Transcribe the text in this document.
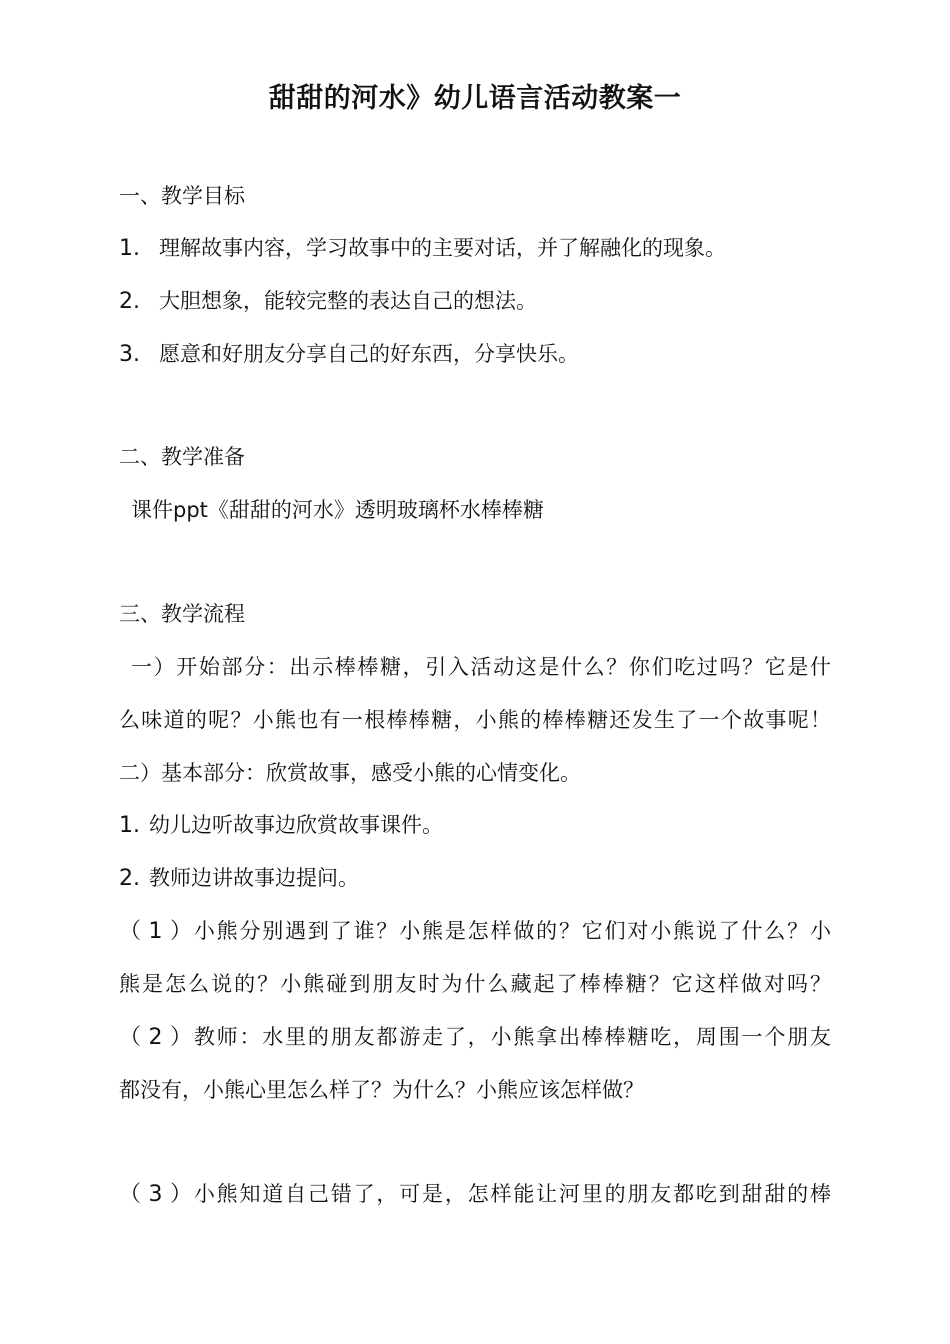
甜甜的河水》幼儿语言活动教案一
一、教学目标
1. 理解故事内容，学习故事中的主要对话，并了解融化的现象。
2. 大胆想象，能较完整的表达自己的想法。
3. 愿意和好朋友分享自己的好东西，分享快乐。
二、教学准备
课件ppt《甜甜的河水》透明玻璃杯水棒棒糖
三、教学流程
一）开始部分：出示棒棒糖，引入活动这是什么？你们吃过吗？它是什
么味道的呢？小熊也有一根棒棒糖，小熊的棒棒糖还发生了一个故事呢！
二）基本部分：欣赏故事，感受小熊的心情变化。
1. 幼儿边听故事边欣赏故事课件。
2. 教师边讲故事边提问。
（1）小熊分别遇到了谁？小熊是怎样做的？它们对小熊说了什么？小
熊是怎么说的？小熊碰到朋友时为什么藏起了棒棒糖？它这样做对吗？
（2）教师：水里的朋友都游走了，小熊拿出棒棒糖吃，周围一个朋友
都没有，小熊心里怎么样了？为什么？小熊应该怎样做？
（3）小熊知道自己错了，可是，怎样能让河里的朋友都吃到甜甜的棒
